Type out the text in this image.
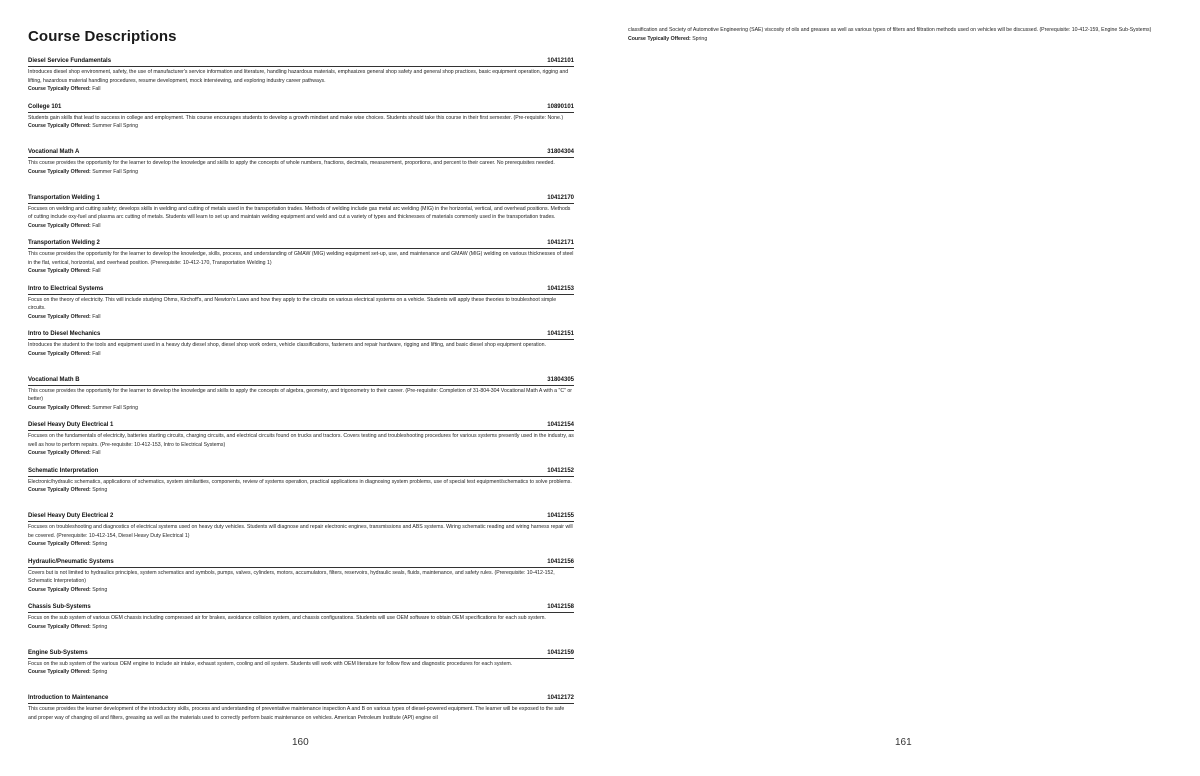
Course Descriptions
Diesel Service Fundamentals	10412101
Introduces diesel shop environment, safety, the use of manufacturer's service information and literature, handling hazardous materials, emphasizes general shop safety and general shop practices, basic equipment operation, rigging and lifting, hazardous material handling procedures, resume development, mock interviewing, and exploring industry career pathways.
Course Typically Offered: Fall
College 101	10890101
Students gain skills that lead to success in college and employment. This course encourages students to develop a growth mindset and make wise choices. Students should take this course in their first semester. (Pre-requisite: None.)
Course Typically Offered: Summer Fall Spring
Vocational Math A	31804304
This course provides the opportunity for the learner to develop the knowledge and skills to apply the concepts of whole numbers, fractions, decimals, measurement, proportions, and percent to their career. No prerequisites needed.
Course Typically Offered: Summer Fall Spring
Transportation Welding 1	10412170
Focuses on welding and cutting safety; develops skills in welding and cutting of metals used in the transportation trades. Methods of welding include gas metal arc welding (MIG) in the horizontal, vertical, and overhead positions. Methods of cutting include oxy-fuel and plasma arc cutting of metals. Students will learn to set up and maintain welding equipment and weld and cut a variety of types and thicknesses of materials commonly used in the transportation trades.
Course Typically Offered: Fall
Transportation Welding 2	10412171
This course provides the opportunity for the learner to develop the knowledge, skills, process, and understanding of GMAW (MIG) welding equipment set-up, use, and maintenance and GMAW (MIG) welding on various thicknesses of steel in the flat, vertical, horizontal, and overhead position. (Prerequisite: 10-412-170, Transportation Welding 1)
Course Typically Offered: Fall
Intro to Electrical Systems	10412153
Focus on the theory of electricity. This will include studying Ohms, Kirchoff's, and Newton's Laws and how they apply to the circuits on various electrical systems on a vehicle. Students will apply these theories to troubleshoot simple circuits.
Course Typically Offered: Fall
Intro to Diesel Mechanics	10412151
Introduces the student to the tools and equipment used in a heavy duty diesel shop, diesel shop work orders, vehicle classifications, fasteners and repair hardware, rigging and lifting, and basic diesel shop equipment operation.
Course Typically Offered: Fall
Vocational Math B	31804305
This course provides the opportunity for the learner to develop the knowledge and skills to apply the concepts of algebra, geometry, and trigonometry to their career. (Pre-requisite: Completion of 31-804-304 Vocational Math A with a "C" or better)
Course Typically Offered: Summer Fall Spring
Diesel Heavy Duty Electrical 1	10412154
Focuses on the fundamentals of electricity, batteries starting circuits, charging circuits, and electrical circuits found on trucks and tractors. Covers testing and troubleshooting procedures for various systems presently used in the industry, as well as how to perform repairs. (Pre-requisite: 10-412-153, Intro to Electrical Systems)
Course Typically Offered: Fall
Schematic Interpretation	10412152
Electronic/hydraulic schematics, applications of schematics, system similarities, components, review of systems operation, practical applications in diagnosing system problems, use of special test equipment/schematics to solve problems.
Course Typically Offered: Spring
Diesel Heavy Duty Electrical 2	10412155
Focuses on troubleshooting and diagnostics of electrical systems used on heavy duty vehicles. Students will diagnose and repair electronic engines, transmissions and ABS systems. Wiring schematic reading and wiring harness repair will be covered. (Prerequisite: 10-412-154, Diesel Heavy Duty Electrical 1)
Course Typically Offered: Spring
Hydraulic/Pneumatic Systems	10412156
Covers but is not limited to hydraulics principles, system schematics and symbols, pumps, valves, cylinders, motors, accumulators, filters, reservoirs, hydraulic seals, fluids, maintenance, and safety rules. (Prerequisite: 10-412-152, Schematic Interpretation)
Course Typically Offered: Spring
Chassis Sub-Systems	10412158
Focus on the sub system of various OEM chassis including compressed air for brakes, avoidance collision system, and chassis configurations. Students will use OEM software to obtain OEM specifications for each sub system.
Course Typically Offered: Spring
Engine Sub-Systems	10412159
Focus on the sub system of the various OEM engine to include air intake, exhaust system, cooling and oil system. Students will work with OEM literature for follow flow and diagnostic procedures for each system.
Course Typically Offered: Spring
Introduction to Maintenance	10412172
This course provides the learner development of the introductory skills, process and understanding of preventative maintenance inspection A and B on various types of diesel-powered equipment. The learner will be exposed to the safe and proper way of changing oil and filters, greasing as well as the materials used to correctly perform basic maintenance on vehicles. American Petroleum Institute (API) engine oil
160
classification and Society of Automotive Engineering (SAE) viscosity of oils and greases as well as various types of filters and filtration methods used on vehicles will be discussed. (Prerequisite: 10-412-159, Engine Sub-Systems)
Course Typically Offered: Spring
161
